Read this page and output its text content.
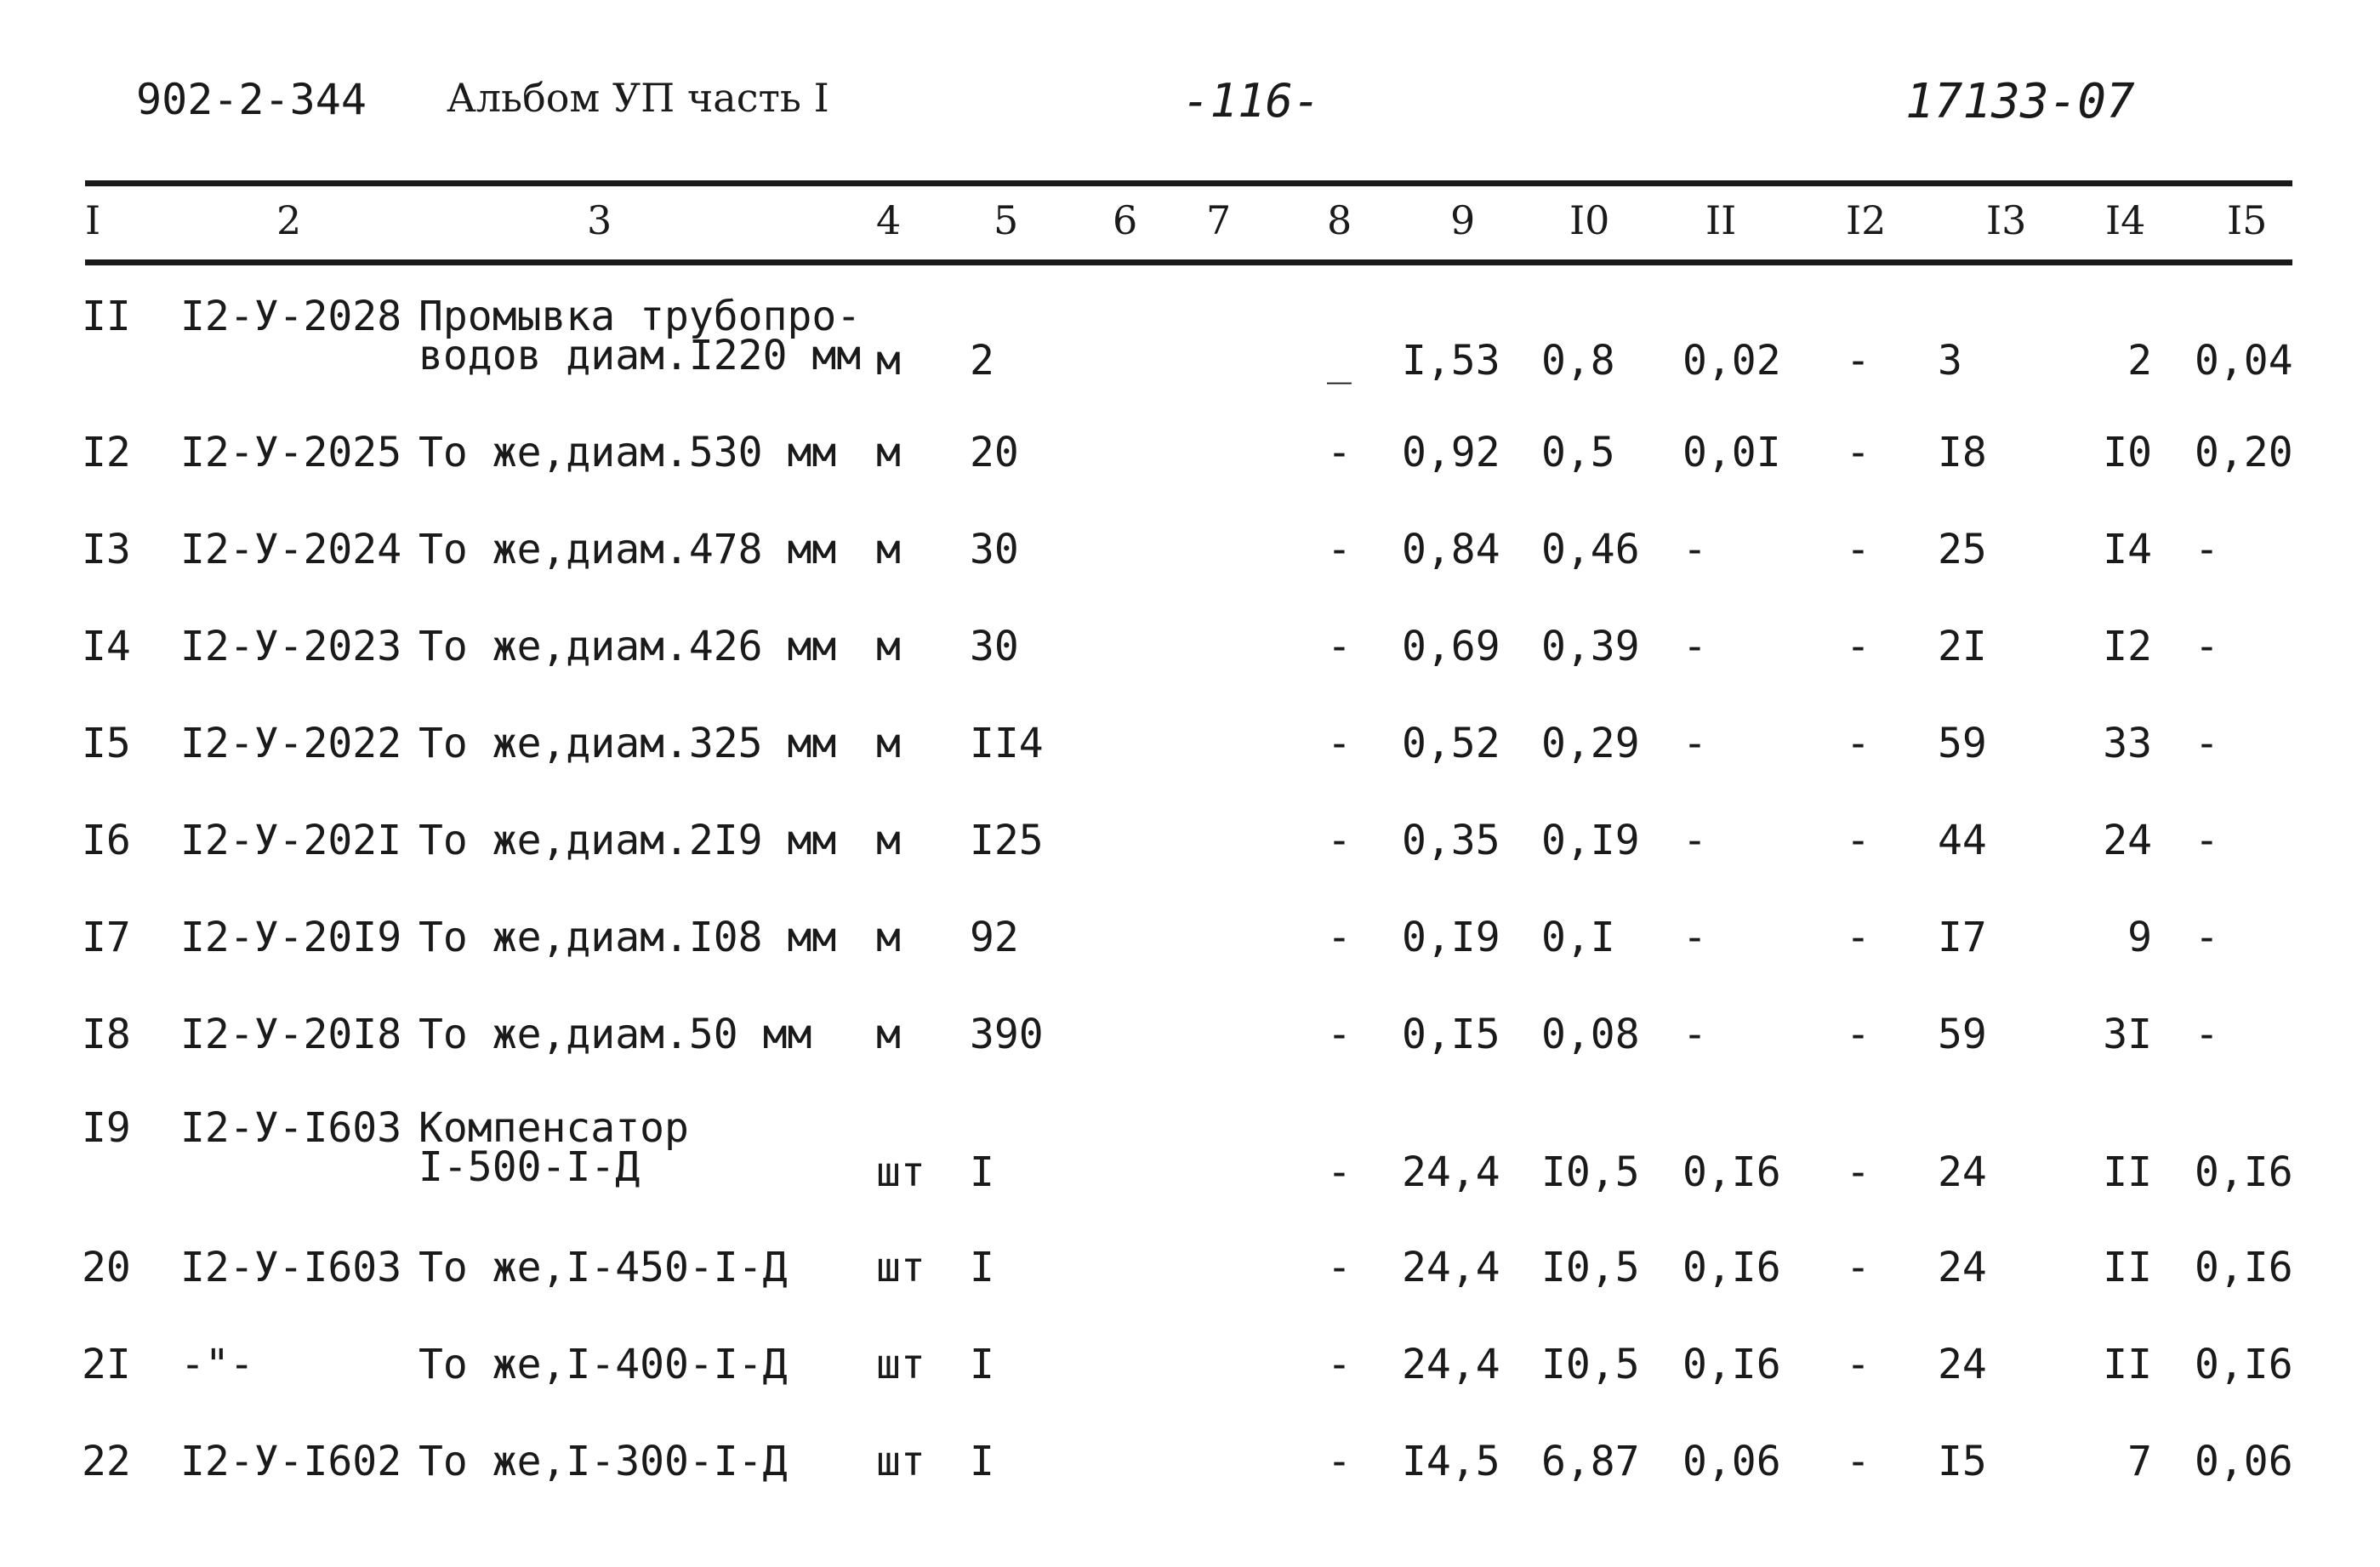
902-2-344 Альбом УП часть I	-116-	17133-07
I	2	3	4 5 6 7 8	9 I0 II	I2	I3 I4 I5
II I2-У-2028 Промывка трубопро-
водов диам.I220 мм м 2	_ I,53 0,8 0,02 - 3	2 0,04
I2 I2-У-2025 То же,диам.530 мм м 20	- 0,92 0,5 0,0I - I8	I0 0,20
I3 I2-У-2024 То же,диам.478 мм м 30	- 0,84 0,46 -	- 25	I4 -
I4 I2-У-2023 То же,диам.426 мм м 30	- 0,69 0,39 -	- 2I	I2 -
I5 I2-У-2022 То же,диам.325 мм м II4	- 0,52 0,29 -	- 59	33 -
I6 I2-У-202I То же,диам.2I9 мм м I25	- 0,35 0,I9 -	- 44	24 -
I7 I2-У-20I9 То же,диам.I08 мм м 92	- 0,I9 0,I -	- I7	9 -
I8 I2-У-20I8 То же,диам.50 мм м 390	- 0,I5 0,08 -	- 59	3I -
I9 I2-У-I603 Компенсатор
I-500-I-Д	шт I	- 24,4 I0,5 0,I6 - 24	II 0,I6
20 I2-У-I603 То же,I-450-I-Д шт I	- 24,4 I0,5 0,I6 - 24	II 0,I6
2I -"-	То же,I-400-I-Д шт I	- 24,4 I0,5 0,I6 - 24	II 0,I6
22 I2-У-I602 То же,I-300-I-Д шт I	- I4,5 6,87 0,06 - I5	7 0,06
